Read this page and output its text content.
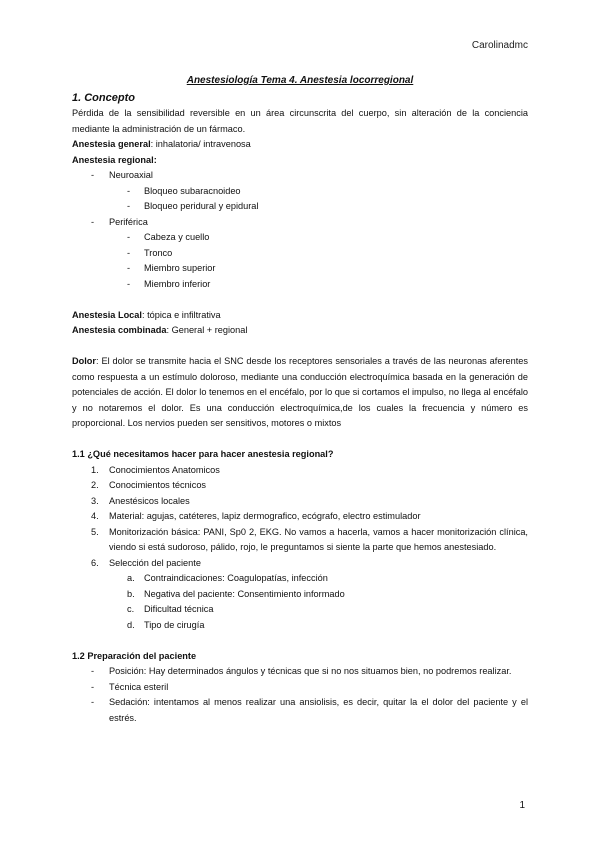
Carolinadmc
Anestesiología Tema 4. Anestesia locorregional
1. Concepto
Pérdida de la sensibilidad reversible en un área circunscrita del cuerpo, sin alteración de la conciencia mediante la administración de un fármaco.
Anestesia general: inhalatoria/ intravenosa
Anestesia regional:
- Neuroaxial
- Bloqueo subaracnoideo
- Bloqueo peridural y epidural
- Periférica
- Cabeza y cuello
- Tronco
- Miembro superior
- Miembro inferior
Anestesia Local: tópica e infiltrativa
Anestesia combinada: General + regional
Dolor: El dolor se transmite hacia el SNC desde los receptores sensoriales a través de las neuronas aferentes como respuesta a un estímulo doloroso, mediante una conducción electroquímica basada en la generación de potenciales de acción. El dolor lo tenemos en el encéfalo, por lo que si cortamos el impulso, no llega al encéfalo y no notaremos el dolor. Es una conducción electroquímica,de los cuales la frecuencia y número es proporcional. Los nervios pueden ser sensitivos, motores o mixtos
1.1 ¿Qué necesitamos hacer para hacer anestesia regional?
1. Conocimientos Anatomicos
2. Conocimientos técnicos
3. Anestésicos locales
4. Material: agujas, catéteres, lapiz dermografico, ecógrafo, electro estimulador
5. Monitorización básica: PANI, Sp0 2, EKG. No vamos a hacerla, vamos a hacer monitorización clínica, viendo si está sudoroso, pálido, rojo, le preguntamos si siente la parte que hemos anestesiado.
6. Selección del paciente
a. Contraindicaciones: Coagulopatías, infección
b. Negativa del paciente: Consentimiento informado
c. Dificultad técnica
d. Tipo de cirugía
1.2 Preparación del paciente
- Posición: Hay determinados ángulos y técnicas que si no nos situamos bien, no podremos realizar.
- Técnica esteril
- Sedación: intentamos al menos realizar una ansiolisis, es decir, quitar la el dolor del paciente y el estrés.
1
